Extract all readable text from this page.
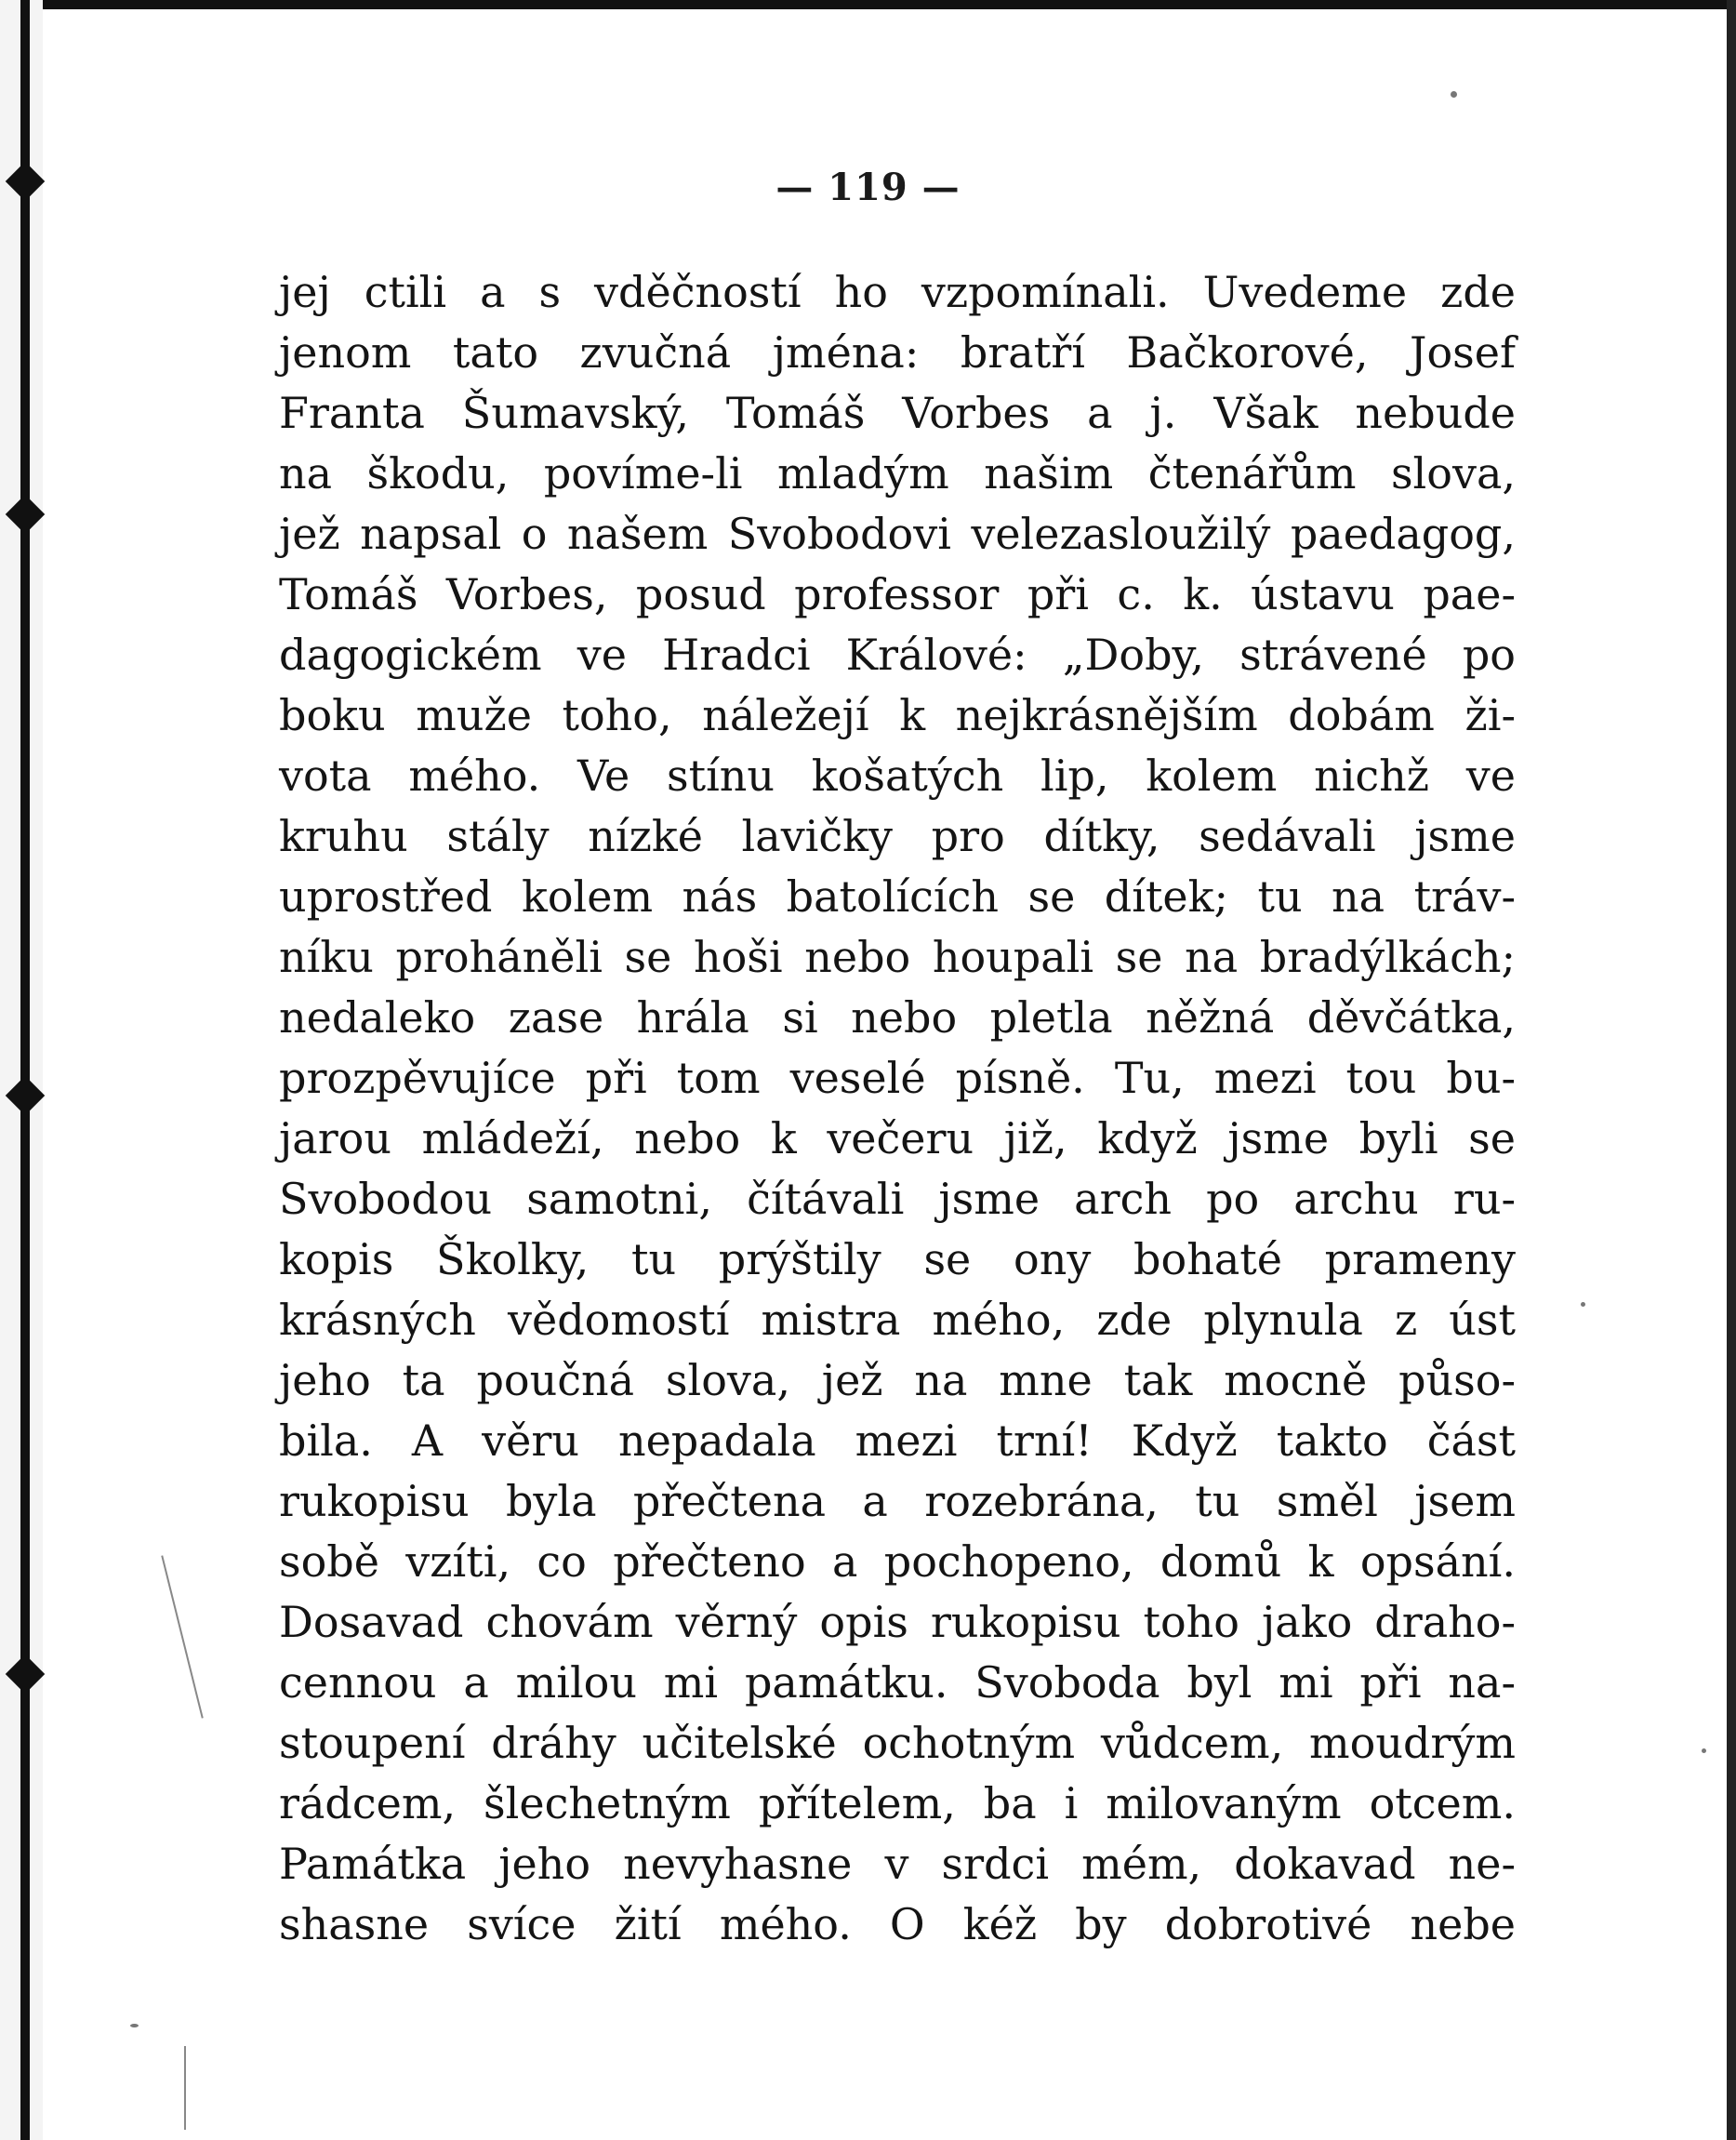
— 119 —
jej ctili a s vděčností ho vzpomínali. Uvedeme zde
jenom tato zvučná jména: bratří Bačkorové, Josef
Franta Šumavský, Tomáš Vorbes a j. Však nebude
na škodu, povíme-li mladým našim čtenářům slova,
jež napsal o našem Svobodovi velezasloužilý paedagog,
Tomáš Vorbes, posud professor při c. k. ústavu pae-
dagogickém ve Hradci Králové: „Doby, strávené po
boku muže toho, náležejí k nejkrásnějším dobám ži-
vota mého. Ve stínu košatých lip, kolem nichž ve
kruhu stály nízké lavičky pro dítky, sedávali jsme
uprostřed kolem nás batolících se dítek; tu na tráv-
níku proháněli se hoši nebo houpali se na bradýlkách;
nedaleko zase hrála si nebo pletla něžná děvčátka,
prozpěvujíce při tom veselé písně. Tu, mezi tou bu-
jarou mládeží, nebo k večeru již, když jsme byli se
Svobodou samotni, čítávali jsme arch po archu ru-
kopis Školky, tu prýštily se ony bohaté prameny
krásných vědomostí mistra mého, zde plynula z úst
jeho ta poučná slova, jež na mne tak mocně půso-
bila. A věru nepadala mezi trní! Když takto část
rukopisu byla přečtena a rozebrána, tu směl jsem
sobě vzíti, co přečteno a pochopeno, domů k opsání.
Dosavad chovám věrný opis rukopisu toho jako draho-
cennou a milou mi památku. Svoboda byl mi při na-
stoupení dráhy učitelské ochotným vůdcem, moudrým
rádcem, šlechetným přítelem, ba i milovaným otcem.
Památka jeho nevyhasne v srdci mém, dokavad ne-
shasne svíce žití mého. O kéž by dobrotivé nebe
